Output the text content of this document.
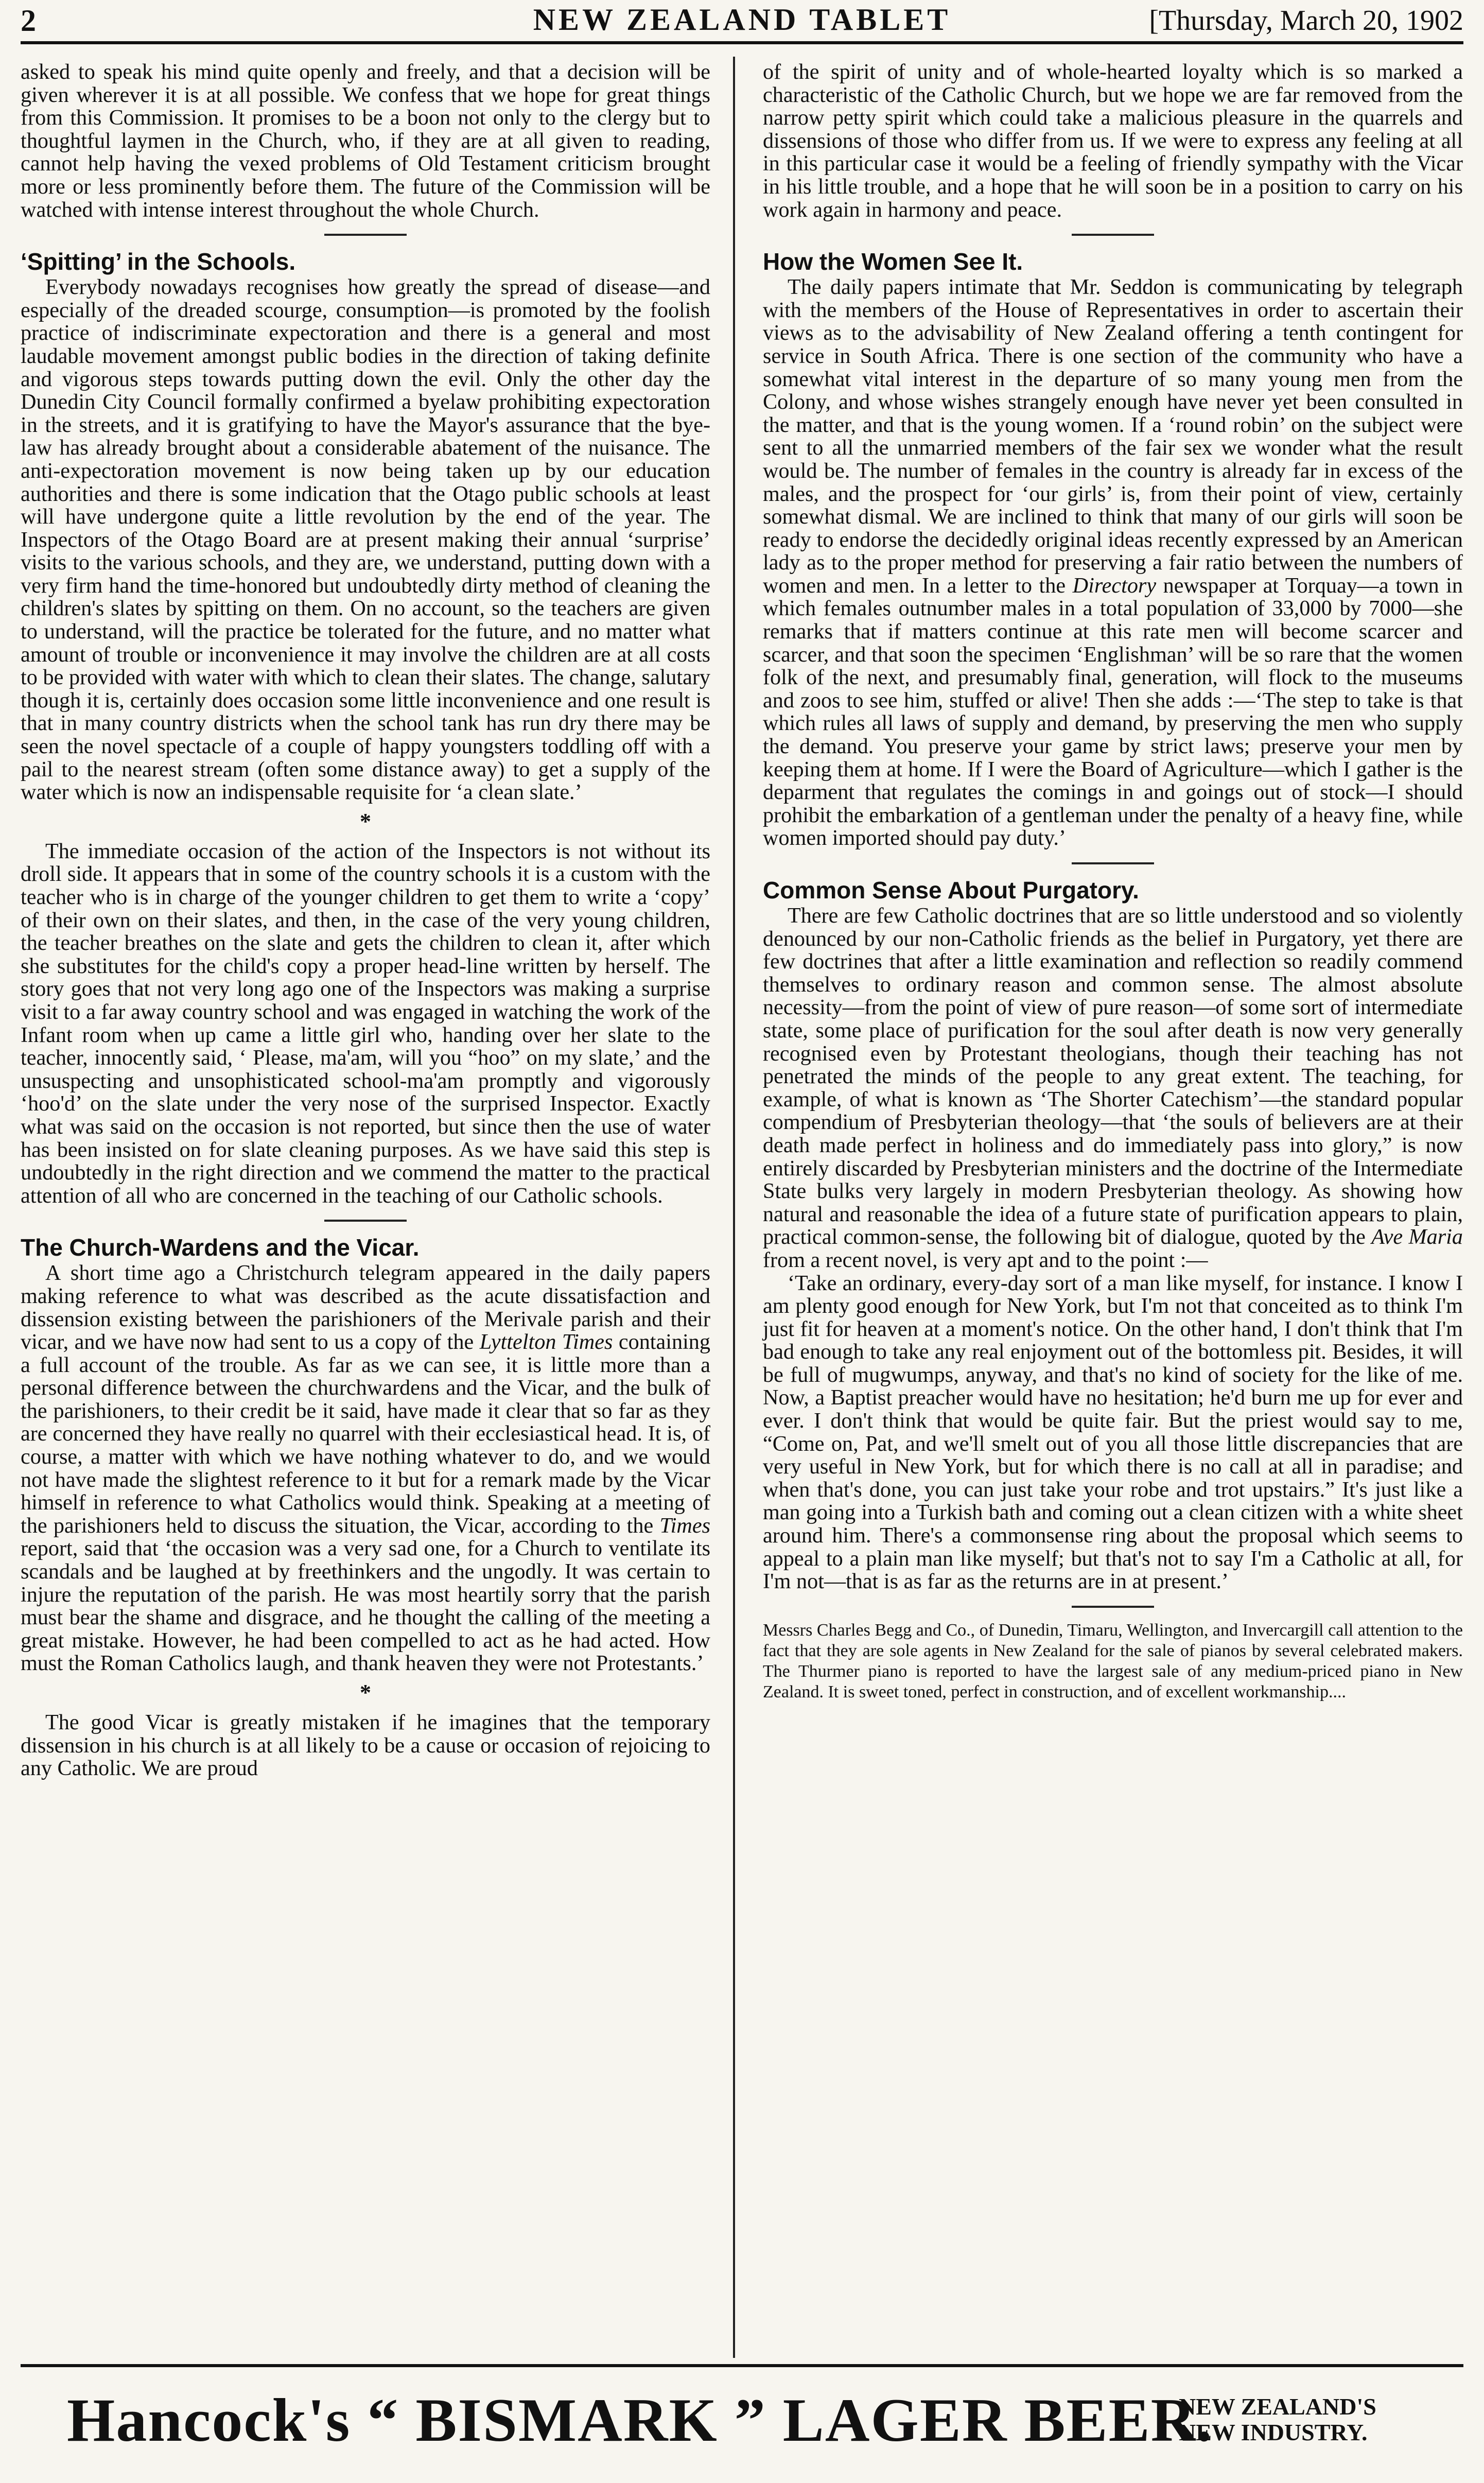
2	NEW ZEALAND TABLET	[Thursday, March 20, 1902

asked to speak his mind quite openly and freely, and that a decision will be given wherever it is at all possible. We confess that we hope for great things from this Commission. It promises to be a boon not only to the clergy but to thoughtful laymen in the Church, who, if they are at all given to reading, cannot help having the vexed problems of Old Testament criticism brought more or less prominently before them. The future of the Commission will be watched with intense interest throughout the whole Church.

‘Spitting’ in the Schools.

Everybody nowadays recognises how greatly the spread of disease—and especially of the dreaded scourge, consumption—is promoted by the foolish practice of indiscriminate expectoration and there is a general and most laudable movement amongst public bodies in the direction of taking definite and vigorous steps towards putting down the evil. Only the other day the Dunedin City Council formally confirmed a byelaw prohibiting expectoration in the streets, and it is gratifying to have the Mayor's assurance that the bye-law has already brought about a considerable abatement of the nuisance. The anti-expectoration movement is now being taken up by our education authorities and there is some indication that the Otago public schools at least will have undergone quite a little revolution by the end of the year. The Inspectors of the Otago Board are at present making their annual ‘surprise’ visits to the various schools, and they are, we understand, putting down with a very firm hand the time-honored but undoubtedly dirty method of cleaning the children's slates by spitting on them. On no account, so the teachers are given to understand, will the practice be tolerated for the future, and no matter what amount of trouble or inconvenience it may involve the children are at all costs to be provided with water with which to clean their slates. The change, salutary though it is, certainly does occasion some little inconvenience and one result is that in many country districts when the school tank has run dry there may be seen the novel spectacle of a couple of happy youngsters toddling off with a pail to the nearest stream (often some distance away) to get a supply of the water which is now an indispensable requisite for ‘a clean slate.’

*

The immediate occasion of the action of the Inspectors is not without its droll side. It appears that in some of the country schools it is a custom with the teacher who is in charge of the younger children to get them to write a ‘copy’ of their own on their slates, and then, in the case of the very young children, the teacher breathes on the slate and gets the children to clean it, after which she substitutes for the child's copy a proper head-line written by herself. The story goes that not very long ago one of the Inspectors was making a surprise visit to a far away country school and was engaged in watching the work of the Infant room when up came a little girl who, handing over her slate to the teacher, innocently said, ‘ Please, ma'am, will you “hoo” on my slate,’ and the unsuspecting and unsophisticated school-ma'am promptly and vigorously ‘hoo'd’ on the slate under the very nose of the surprised Inspector. Exactly what was said on the occasion is not reported, but since then the use of water has been insisted on for slate cleaning purposes. As we have said this step is undoubtedly in the right direction and we commend the matter to the practical attention of all who are concerned in the teaching of our Catholic schools.

The Church-Wardens and the Vicar.

A short time ago a Christchurch telegram appeared in the daily papers making reference to what was described as the acute dissatisfaction and dissension existing between the parishioners of the Merivale parish and their vicar, and we have now had sent to us a copy of the Lyttelton Times containing a full account of the trouble. As far as we can see, it is little more than a personal difference between the churchwardens and the Vicar, and the bulk of the parishioners, to their credit be it said, have made it clear that so far as they are concerned they have really no quarrel with their ecclesiastical head. It is, of course, a matter with which we have nothing whatever to do, and we would not have made the slightest reference to it but for a remark made by the Vicar himself in reference to what Catholics would think. Speaking at a meeting of the parishioners held to discuss the situation, the Vicar, according to the Times report, said that ‘the occasion was a very sad one, for a Church to ventilate its scandals and be laughed at by freethinkers and the ungodly. It was certain to injure the reputation of the parish. He was most heartily sorry that the parish must bear the shame and disgrace, and he thought the calling of the meeting a great mistake. However, he had been compelled to act as he had acted. How must the Roman Catholics laugh, and thank heaven they were not Protestants.’

*

The good Vicar is greatly mistaken if he imagines that the temporary dissension in his church is at all likely to be a cause or occasion of rejoicing to any Catholic. We are proud

of the spirit of unity and of whole-hearted loyalty which is so marked a characteristic of the Catholic Church, but we hope we are far removed from the narrow petty spirit which could take a malicious pleasure in the quarrels and dissensions of those who differ from us. If we were to express any feeling at all in this particular case it would be a feeling of friendly sympathy with the Vicar in his little trouble, and a hope that he will soon be in a position to carry on his work again in harmony and peace.

How the Women See It.

The daily papers intimate that Mr. Seddon is communicating by telegraph with the members of the House of Representatives in order to ascertain their views as to the advisability of New Zealand offering a tenth contingent for service in South Africa. There is one section of the community who have a somewhat vital interest in the departure of so many young men from the Colony, and whose wishes strangely enough have never yet been consulted in the matter, and that is the young women. If a ‘round robin’ on the subject were sent to all the unmarried members of the fair sex we wonder what the result would be. The number of females in the country is already far in excess of the males, and the prospect for ‘our girls’ is, from their point of view, certainly somewhat dismal. We are inclined to think that many of our girls will soon be ready to endorse the decidedly original ideas recently expressed by an American lady as to the proper method for preserving a fair ratio between the numbers of women and men. In a letter to the Directory newspaper at Torquay—a town in which females outnumber males in a total population of 33,000 by 7000—she remarks that if matters continue at this rate men will become scarcer and scarcer, and that soon the specimen ‘Englishman’ will be so rare that the women folk of the next, and presumably final, generation, will flock to the museums and zoos to see him, stuffed or alive! Then she adds :—‘The step to take is that which rules all laws of supply and demand, by preserving the men who supply the demand. You preserve your game by strict laws; preserve your men by keeping them at home. If I were the Board of Agriculture—which I gather is the deparment that regulates the comings in and goings out of stock—I should prohibit the embarkation of a gentleman under the penalty of a heavy fine, while women imported should pay duty.’

Common Sense About Purgatory.

There are few Catholic doctrines that are so little understood and so violently denounced by our non-Catholic friends as the belief in Purgatory, yet there are few doctrines that after a little examination and reflection so readily commend themselves to ordinary reason and common sense. The almost absolute necessity—from the point of view of pure reason—of some sort of intermediate state, some place of purification for the soul after death is now very generally recognised even by Protestant theologians, though their teaching has not penetrated the minds of the people to any great extent. The teaching, for example, of what is known as ‘The Shorter Catechism’—the standard popular compendium of Presbyterian theology—that ‘the souls of believers are at their death made perfect in holiness and do immediately pass into glory,” is now entirely discarded by Presbyterian ministers and the doctrine of the Intermediate State bulks very largely in modern Presbyterian theology. As showing how natural and reasonable the idea of a future state of purification appears to plain, practical common-sense, the following bit of dialogue, quoted by the Ave Maria from a recent novel, is very apt and to the point :—

‘Take an ordinary, every-day sort of a man like myself, for instance. I know I am plenty good enough for New York, but I'm not that conceited as to think I'm just fit for heaven at a moment's notice. On the other hand, I don't think that I'm bad enough to take any real enjoyment out of the bottomless pit. Besides, it will be full of mugwumps, anyway, and that's no kind of society for the like of me. Now, a Baptist preacher would have no hesitation; he'd burn me up for ever and ever. I don't think that would be quite fair. But the priest would say to me, “Come on, Pat, and we'll smelt out of you all those little discrepancies that are very useful in New York, but for which there is no call at all in paradise; and when that's done, you can just take your robe and trot upstairs.” It's just like a man going into a Turkish bath and coming out a clean citizen with a white sheet around him. There's a commonsense ring about the proposal which seems to appeal to a plain man like myself; but that's not to say I'm a Catholic at all, for I'm not—that is as far as the returns are in at present.’

Messrs Charles Begg and Co., of Dunedin, Timaru, Wellington, and Invercargill call attention to the fact that they are sole agents in New Zealand for the sale of pianos by several celebrated makers. The Thurmer piano is reported to have the largest sale of any medium-priced piano in New Zealand. It is sweet toned, perfect in construction, and of excellent workmanship....

Hancock's “ BISMARK ” LAGER BEER.
NEW ZEALAND'S
NEW INDUSTRY.
